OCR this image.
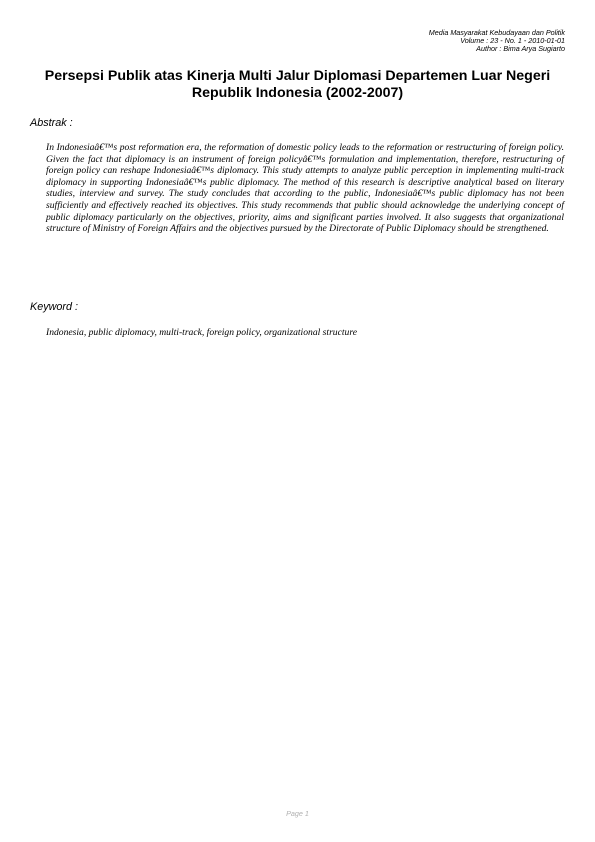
Media Masyarakat Kebudayaan dan Politik
Volume : 23 - No. 1 - 2010-01-01
Author : Bima Arya Sugiarto
Persepsi Publik atas Kinerja Multi Jalur Diplomasi Departemen Luar Negeri Republik Indonesia (2002-2007)

Abstrak :

In Indonesiaâ€™s post reformation era, the reformation of domestic policy leads to the reformation or restructuring of foreign policy. Given the fact that diplomacy is an instrument of foreign policyâ€™s formulation and implementation, therefore, restructuring of foreign policy can reshape Indonesiaâ€™s diplomacy. This study attempts to analyze public perception in implementing multi-track diplomacy in supporting Indonesiaâ€™s public diplomacy. The method of this research is descriptive analytical based on literary studies, interview and survey. The study concludes that according to the public, Indonesiaâ€™s public diplomacy has not been sufficiently and effectively reached its objectives. This study recommends that public should acknowledge the underlying concept of public diplomacy particularly on the objectives, priority, aims and significant parties involved. It also suggests that organizational structure of Ministry of Foreign Affairs and the objectives pursued by the Directorate of Public Diplomacy should be strengthened.

Keyword :

Indonesia, public diplomacy, multi-track, foreign policy, organizational structure

Page 1
